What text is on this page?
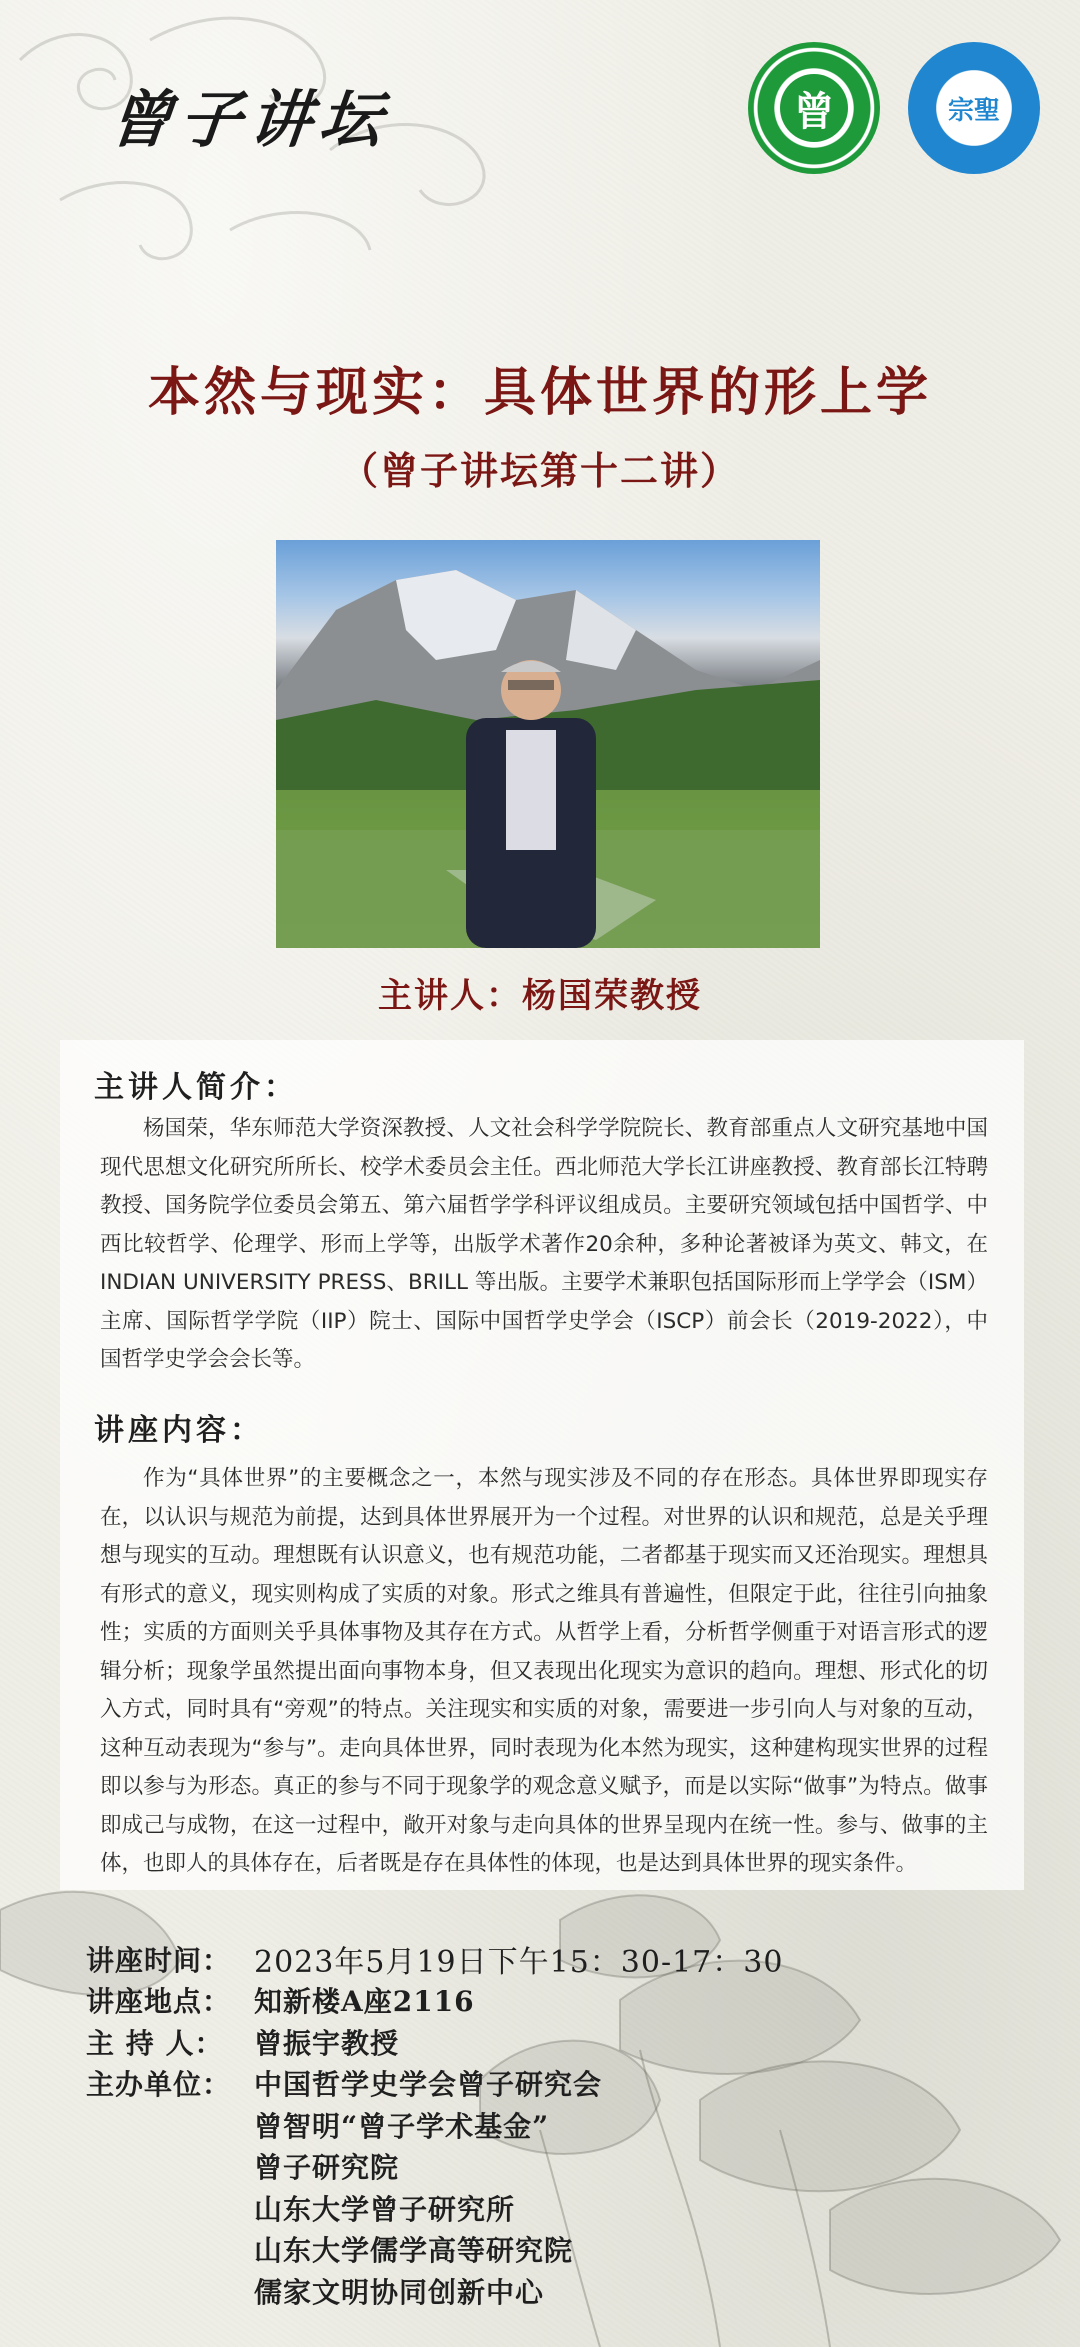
曾子讲坛	曾	宗聖
本然与现实：具体世界的形上学
（曾子讲坛第十二讲）
主讲人：杨国荣教授
主讲人简介：

杨国荣，华东师范大学资深教授、人文社会科学学院院长、教育部重点人文研究基地中国现代思想文化研究所所长、校学术委员会主任。西北师范大学长江讲座教授、教育部长江特聘教授、国务院学位委员会第五、第六届哲学学科评议组成员。主要研究领域包括中国哲学、中西比较哲学、伦理学、形而上学等，出版学术著作20余种，多种论著被译为英文、韩文，在INDIAN UNIVERSITY PRESS、BRILL 等出版。主要学术兼职包括国际形而上学学会（ISM）主席、国际哲学学院（IIP）院士、国际中国哲学史学会（ISCP）前会长（2019-2022），中国哲学史学会会长等。

讲座内容：

作为“具体世界”的主要概念之一，本然与现实涉及不同的存在形态。具体世界即现实存在，以认识与规范为前提，达到具体世界展开为一个过程。对世界的认识和规范，总是关乎理想与现实的互动。理想既有认识意义，也有规范功能，二者都基于现实而又还治现实。理想具有形式的意义，现实则构成了实质的对象。形式之维具有普遍性，但限定于此，往往引向抽象性；实质的方面则关乎具体事物及其存在方式。从哲学上看，分析哲学侧重于对语言形式的逻辑分析；现象学虽然提出面向事物本身，但又表现出化现实为意识的趋向。理想、形式化的切入方式，同时具有“旁观”的特点。关注现实和实质的对象，需要进一步引向人与对象的互动，这种互动表现为“参与”。走向具体世界，同时表现为化本然为现实，这种建构现实世界的过程即以参与为形态。真正的参与不同于现象学的观念意义赋予，而是以实际“做事”为特点。做事即成己与成物，在这一过程中，敞开对象与走向具体的世界呈现内在统一性。参与、做事的主体，也即人的具体存在，后者既是存在具体性的体现，也是达到具体世界的现实条件。

讲座时间： 2023年5月19日下午15：30-17：30
讲座地点： 知新楼A座2116
主 持 人：	曾振宇教授
主办单位： 中国哲学史学会曾子研究会
曾智明“曾子学术基金”
曾子研究院
山东大学曾子研究所
山东大学儒学高等研究院
儒家文明协同创新中心
